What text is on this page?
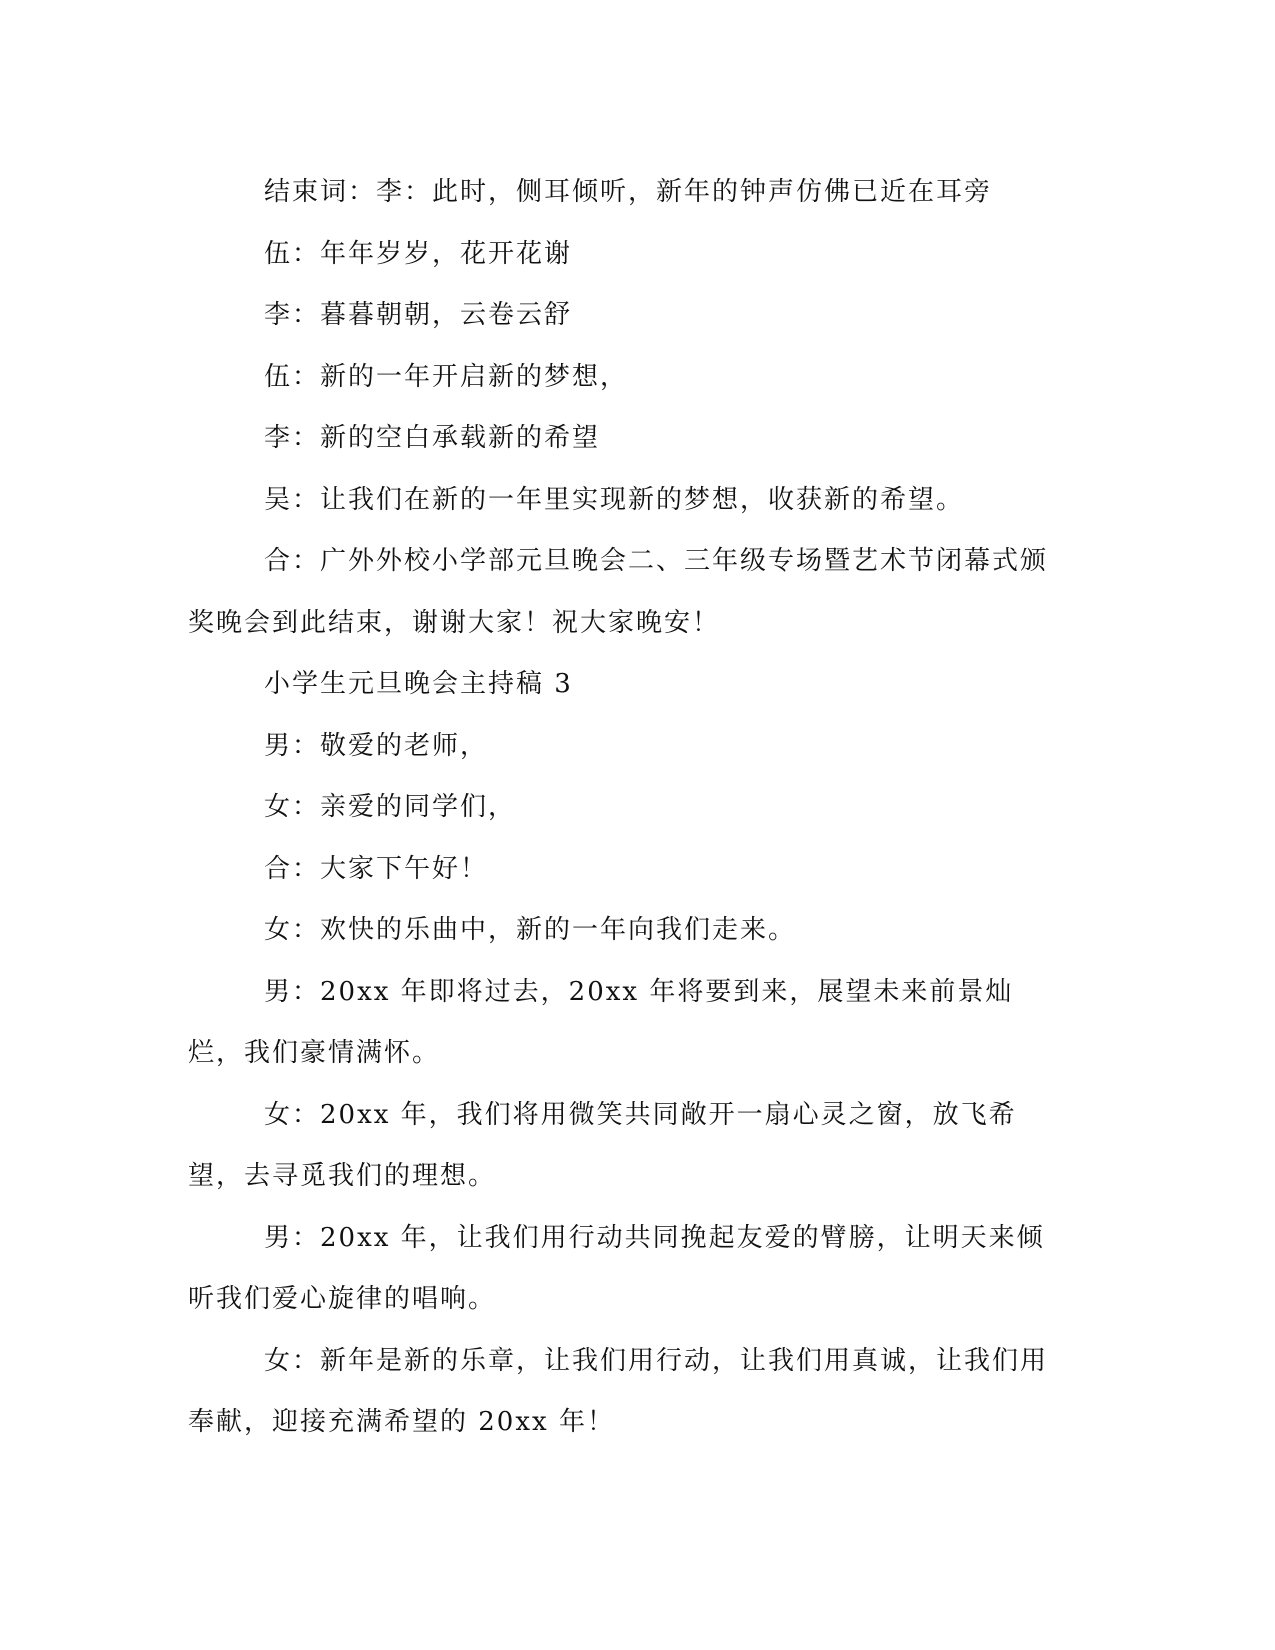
结束词：李：此时，侧耳倾听，新年的钟声仿佛已近在耳旁

伍：年年岁岁，花开花谢

李：暮暮朝朝，云卷云舒

伍：新的一年开启新的梦想，

李：新的空白承载新的希望

吴：让我们在新的一年里实现新的梦想，收获新的希望。

合：广外外校小学部元旦晚会二、三年级专场暨艺术节闭幕式颁奖晚会到此结束，谢谢大家！祝大家晚安！

小学生元旦晚会主持稿 3

男：敬爱的老师，

女：亲爱的同学们，

合：大家下午好！

女：欢快的乐曲中，新的一年向我们走来。

男：20xx 年即将过去，20xx 年将要到来，展望未来前景灿烂，我们豪情满怀。

女：20xx 年，我们将用微笑共同敞开一扇心灵之窗，放飞希望，去寻觅我们的理想。

男：20xx 年，让我们用行动共同挽起友爱的臂膀，让明天来倾听我们爱心旋律的唱响。

女：新年是新的乐章，让我们用行动，让我们用真诚，让我们用奉献，迎接充满希望的 20xx 年！
